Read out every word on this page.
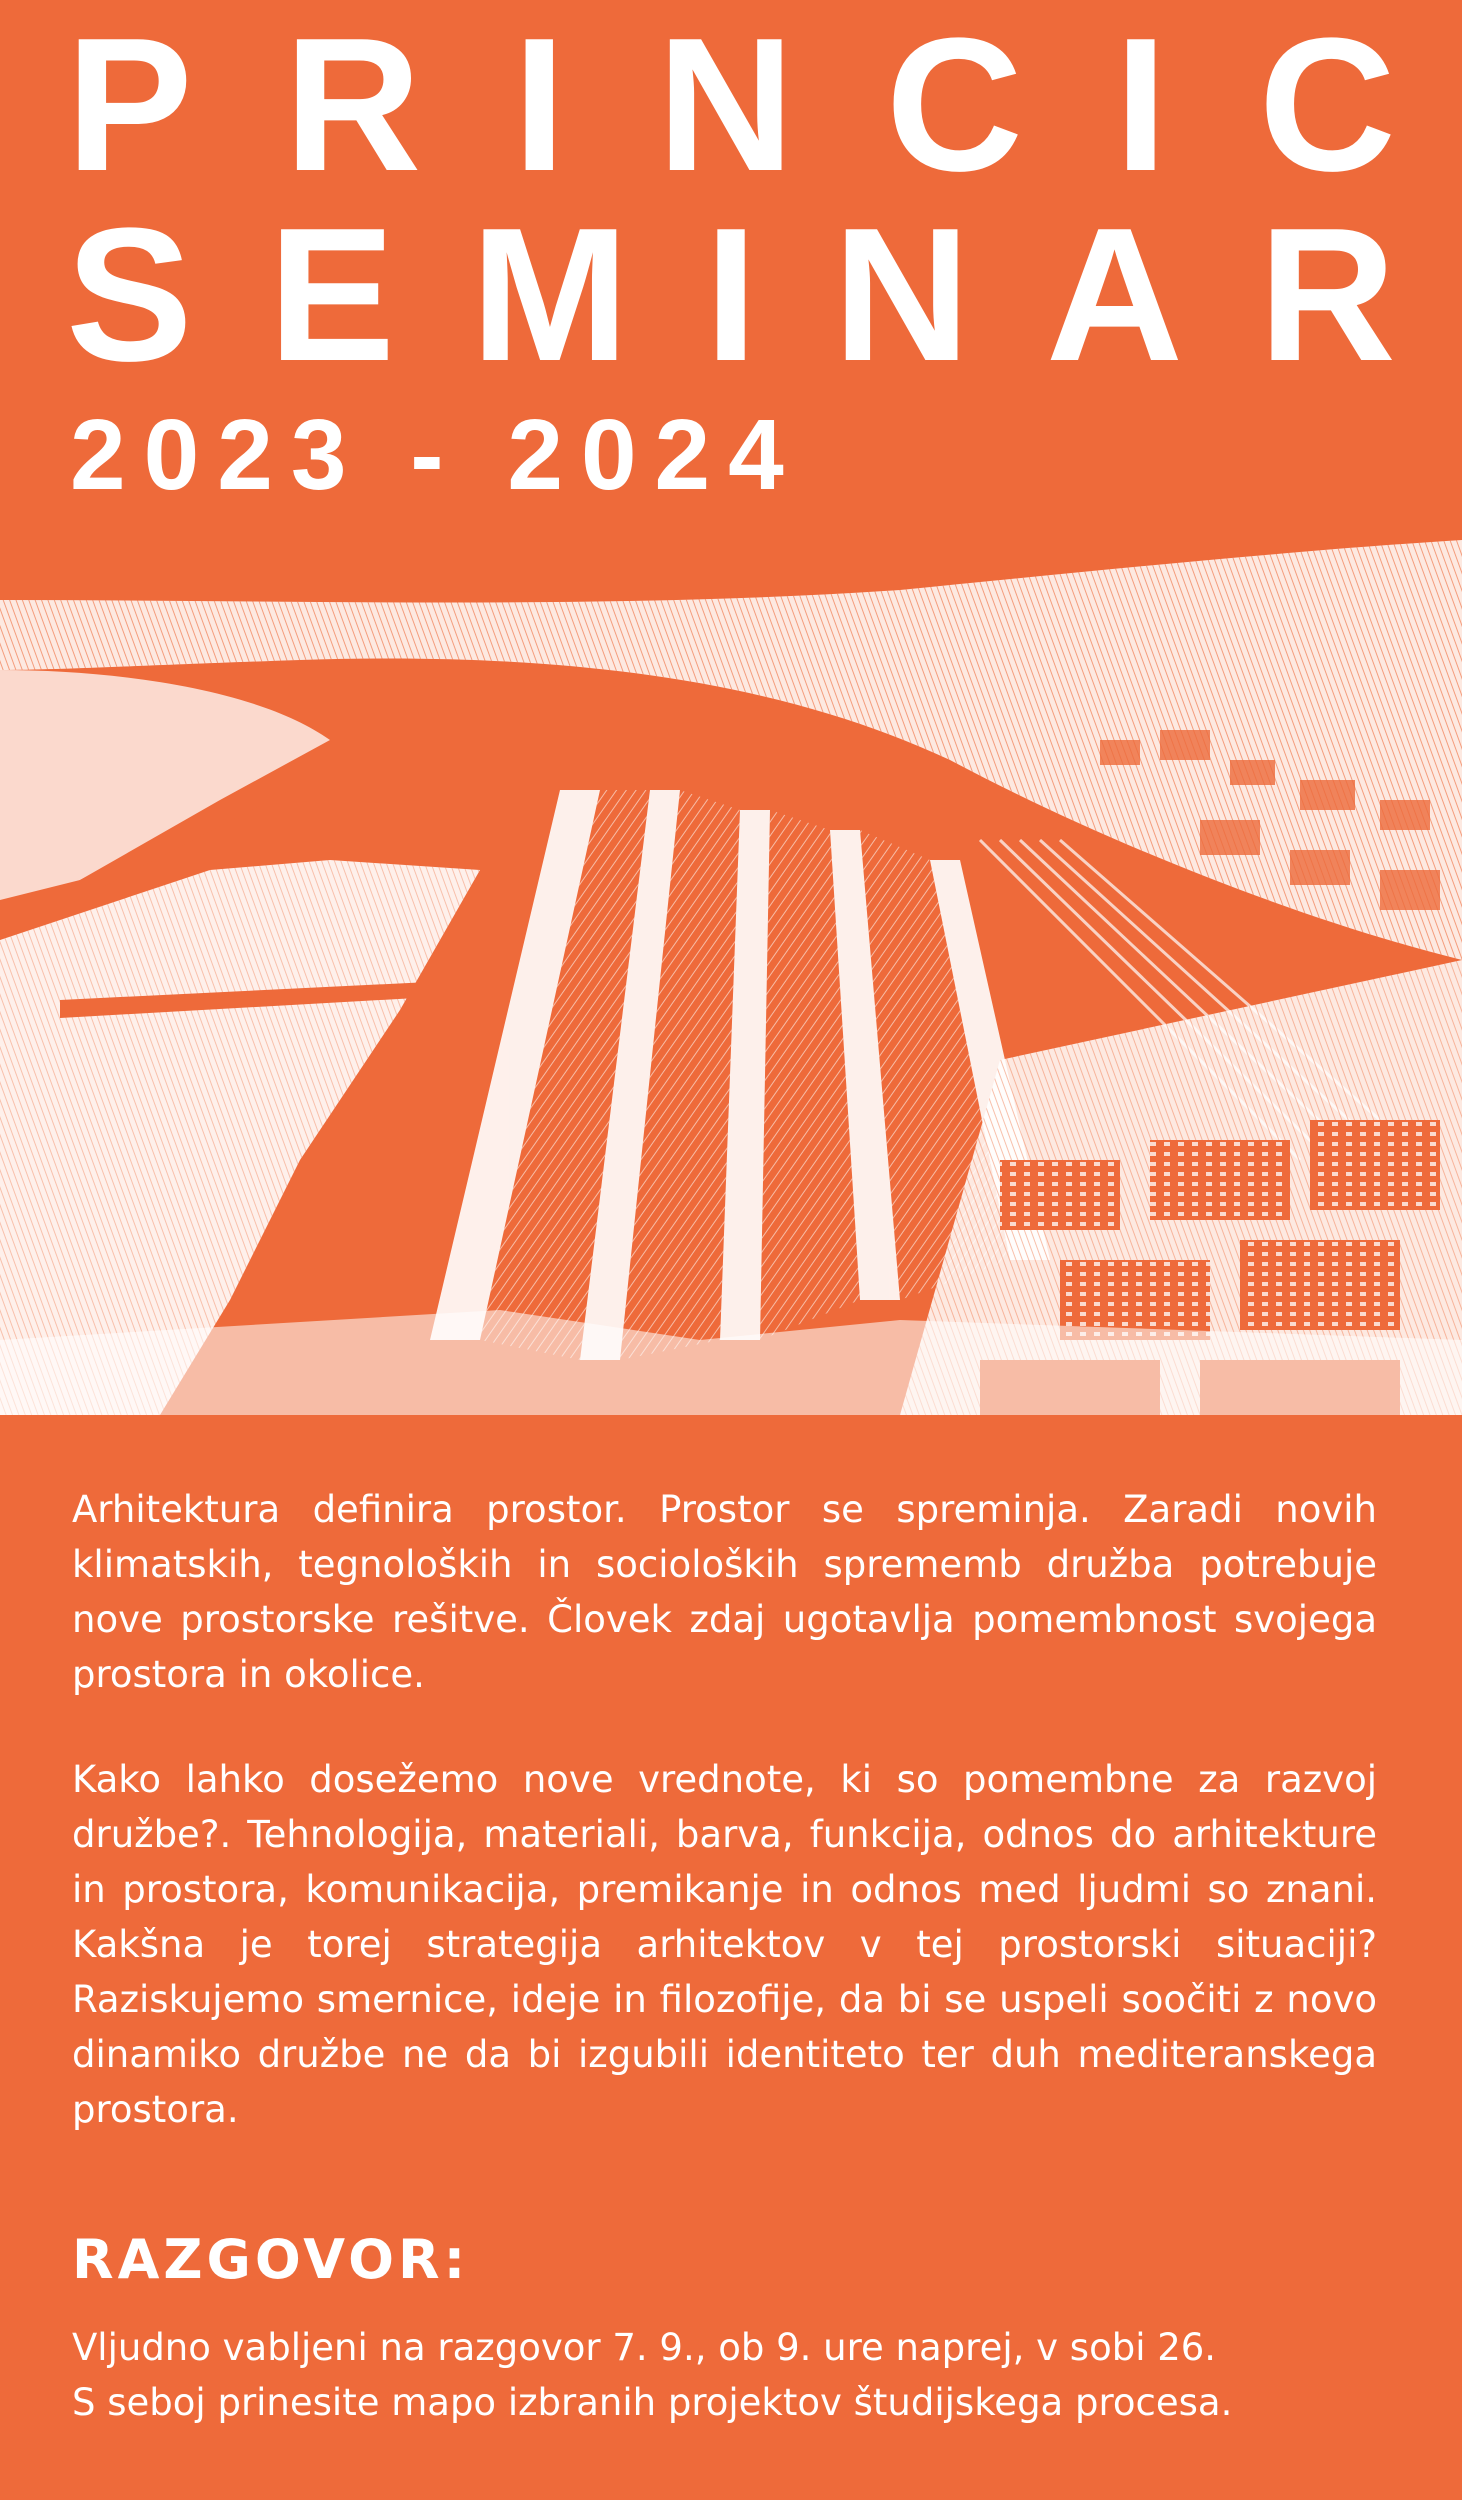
P R I N C I C
S E M I N A R
2023 - 2024

Arhitektura definira prostor. Prostor se spreminja. Zaradi novih klimatskih, tegnoloških in socioloških sprememb družba potrebuje nove prostorske rešitve. Človek zdaj ugotavlja pomembnost svojega prostora in okolice.

Kako lahko dosežemo nove vrednote, ki so pomembne za razvoj družbe?. Tehnologija, materiali, barva, funkcija, odnos do arhitekture in prostora, komunikacija, premikanje in odnos med ljudmi so znani. Kakšna je torej strategija arhitektov v tej prostorski situaciji? Raziskujemo smernice, ideje in filozofije, da bi se uspeli soočiti z novo dinamiko družbe ne da bi izgubili identiteto ter duh mediteranskega prostora.

RAZGOVOR:

Vljudno vabljeni na razgovor 7. 9., ob 9. ure naprej, v sobi 26.

S seboj prinesite mapo izbranih projektov študijskega procesa.
